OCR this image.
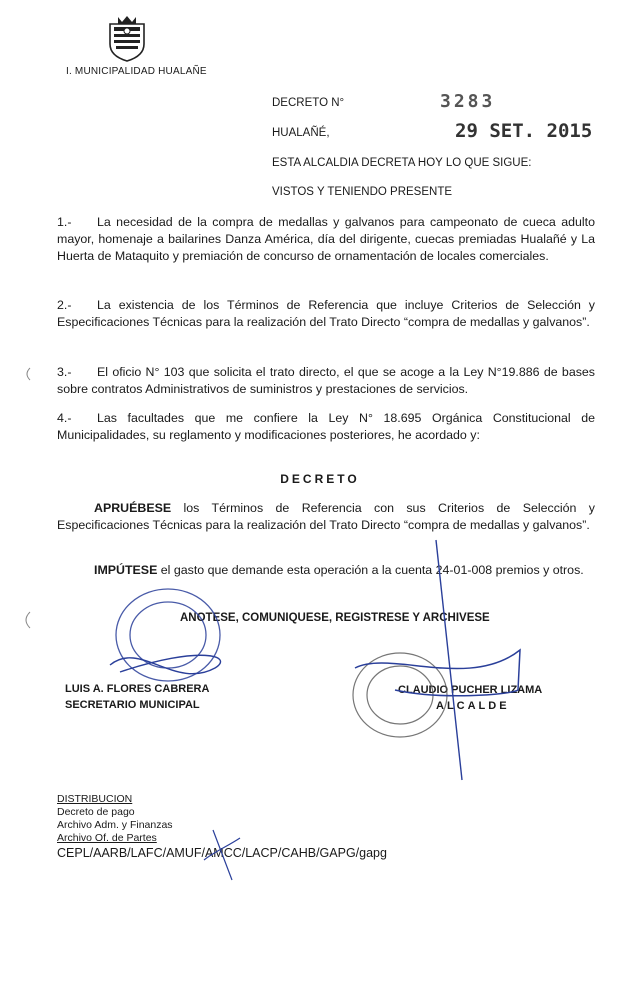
I. MUNICIPALIDAD HUALAÑE
DECRETO N°	3283
HUALAÑÉ,	29 SET. 2015
ESTA ALCALDIA DECRETA HOY LO QUE SIGUE:
VISTOS Y TENIENDO PRESENTE
1.- La necesidad de la compra de medallas y galvanos para campeonato de cueca adulto mayor, homenaje a bailarines Danza América, día del dirigente, cuecas premiadas Hualañé y La Huerta de Mataquito y premiación de concurso de ornamentación de locales comerciales.
2.- La existencia de los Términos de Referencia que incluye Criterios de Selección y Especificaciones Técnicas para la realización del Trato Directo “compra de medallas y galvanos”.
3.- El oficio N° 103 que solicita el trato directo, el que se acoge a la Ley N°19.886 de bases sobre contratos Administrativos de suministros y prestaciones de servicios.
4.- Las facultades que me confiere la Ley N° 18.695 Orgánica Constitucional de Municipalidades, su reglamento y modificaciones posteriores, he acordado y:
DECRETO
APRUÉBESE los Términos de Referencia con sus Criterios de Selección y Especificaciones Técnicas para la realización del Trato Directo “compra de medallas y galvanos”.
IMPÚTESE el gasto que demande esta operación a la cuenta 24-01-008 premios y otros.
ANOTESE, COMUNIQUESE, REGISTRESE Y ARCHIVESE
LUIS A. FLORES CABRERA
SECRETARIO MUNICIPAL
CLAUDIO PUCHER LIZAMA
ALCALDE
DISTRIBUCION
Decreto de pago
Archivo Adm. y Finanzas
Archivo Of. de Partes
CEPL/AARB/LAFC/AMUF/AMCC/LACP/CAHB/GAPG/gapg
